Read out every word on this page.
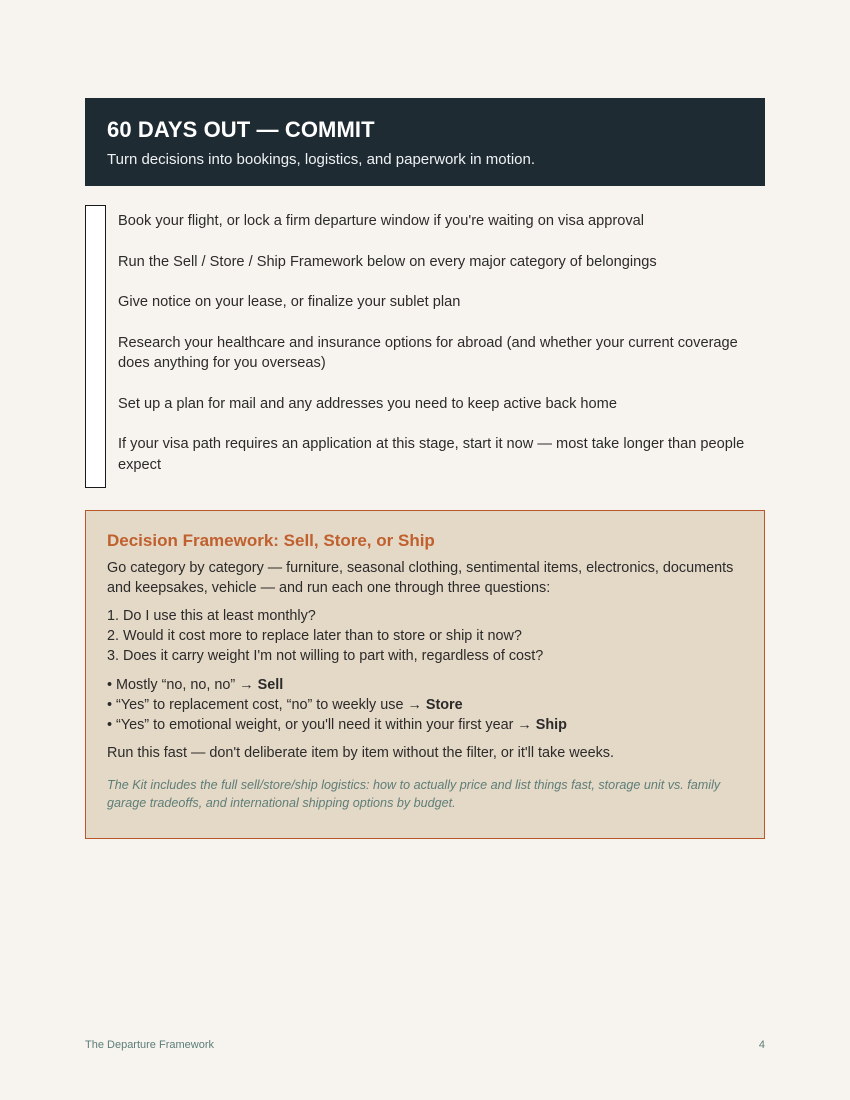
60 DAYS OUT — COMMIT

Turn decisions into bookings, logistics, and paperwork in motion.

Book your flight, or lock a firm departure window if you're waiting on visa approval
Run the Sell / Store / Ship Framework below on every major category of belongings
Give notice on your lease, or finalize your sublet plan
Research your healthcare and insurance options for abroad (and whether your current coverage does anything for you overseas)
Set up a plan for mail and any addresses you need to keep active back home
If your visa path requires an application at this stage, start it now — most take longer than people expect
Decision Framework: Sell, Store, or Ship

Go category by category — furniture, seasonal clothing, sentimental items, electronics, documents and keepsakes, vehicle — and run each one through three questions:

1. Do I use this at least monthly?
2. Would it cost more to replace later than to store or ship it now?
3. Does it carry weight I'm not willing to part with, regardless of cost?
• Mostly “no, no, no” → Sell
• “Yes” to replacement cost, “no” to weekly use → Store
• “Yes” to emotional weight, or you'll need it within your first year → Ship

Run this fast — don't deliberate item by item without the filter, or it'll take weeks.

The Kit includes the full sell/store/ship logistics: how to actually price and list things fast, storage unit vs. family garage tradeoffs, and international shipping options by budget.

The Departure Framework	4
